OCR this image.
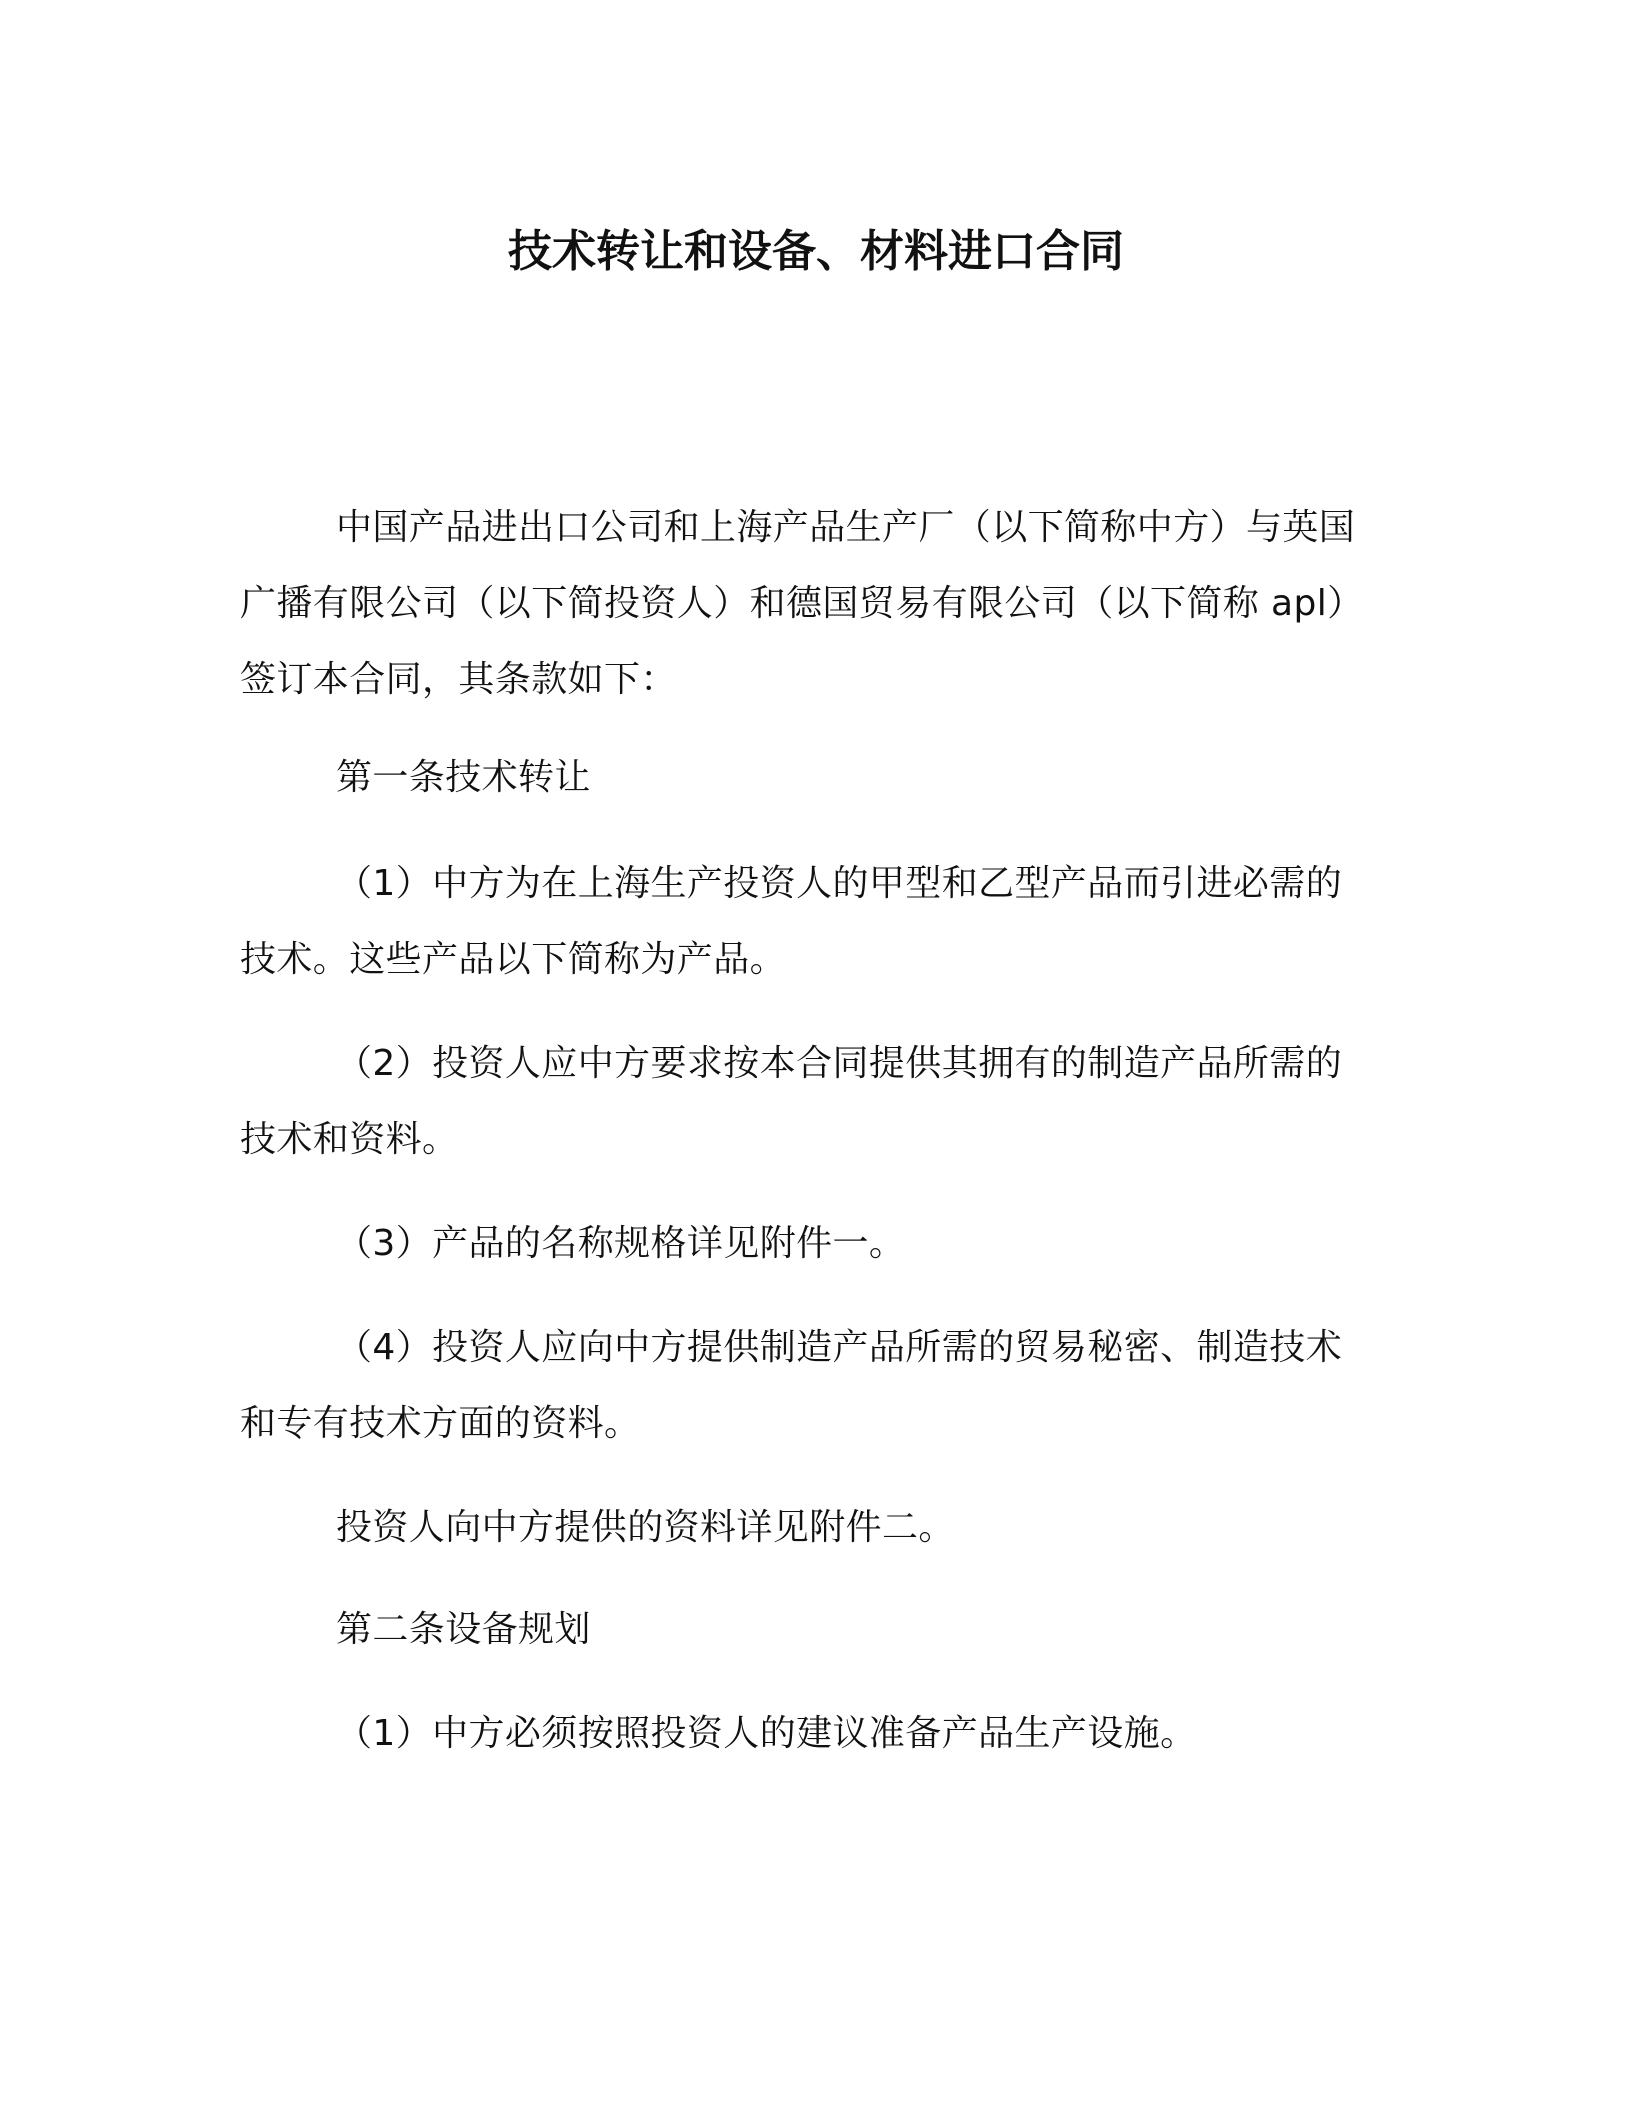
技术转让和设备、材料进口合同

中国产品进出口公司和上海产品生产厂（以下简称中方）与英国广播有限公司（以下简投资人）和德国贸易有限公司（以下简称 apl）签订本合同，其条款如下：

第一条技术转让

（1）中方为在上海生产投资人的甲型和乙型产品而引进必需的技术。这些产品以下简称为产品。

（2）投资人应中方要求按本合同提供其拥有的制造产品所需的技术和资料。

（3）产品的名称规格详见附件一。

（4）投资人应向中方提供制造产品所需的贸易秘密、制造技术和专有技术方面的资料。

投资人向中方提供的资料详见附件二。

第二条设备规划

（1）中方必须按照投资人的建议准备产品生产设施。
